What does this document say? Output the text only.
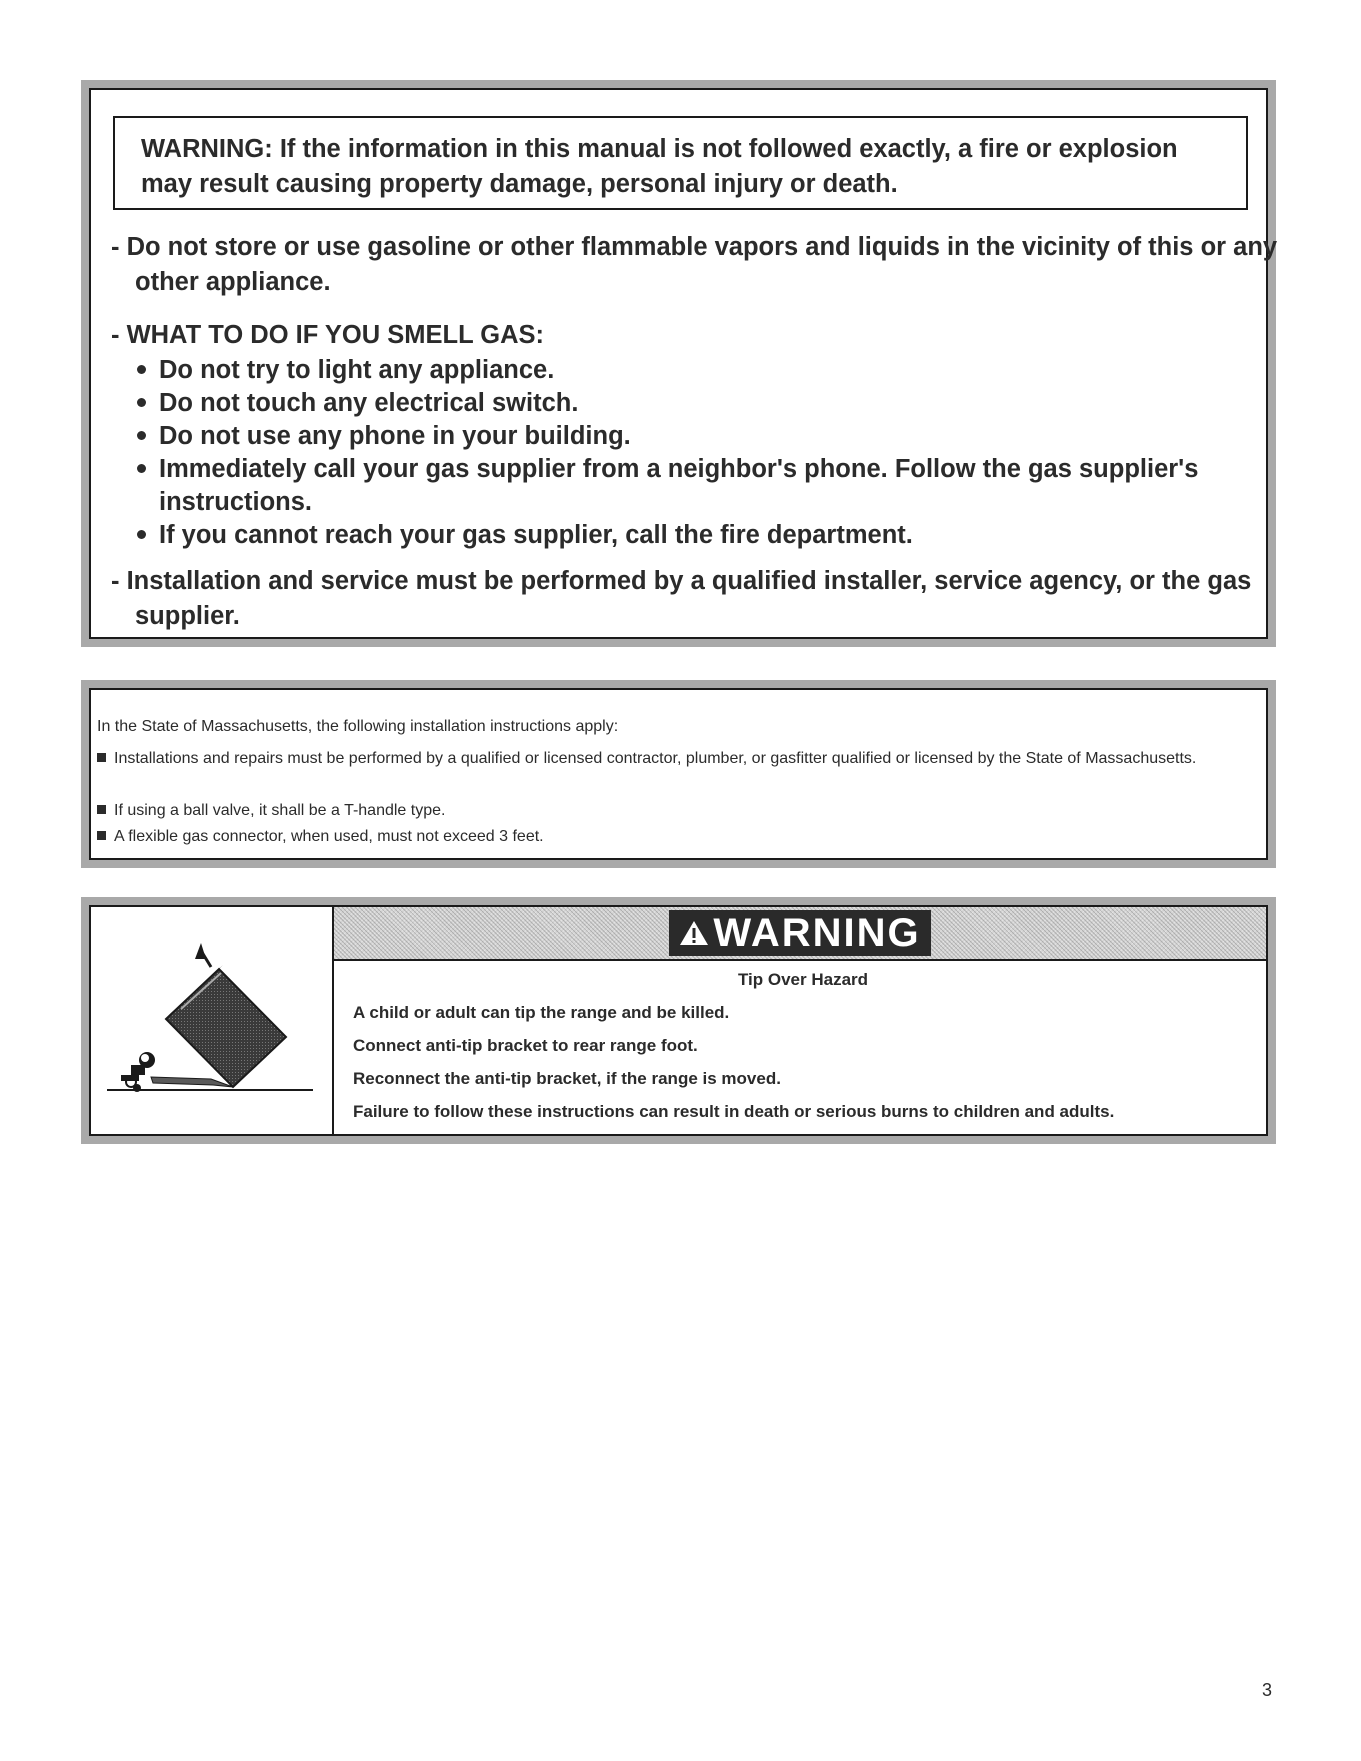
WARNING: If the information in this manual is not followed exactly, a fire or explosion may result causing property damage, personal injury or death.
- Do not store or use gasoline or other flammable vapors and liquids in the vicinity of this or any other appliance.
- WHAT TO DO IF YOU SMELL GAS:
Do not try to light any appliance.
Do not touch any electrical switch.
Do not use any phone in your building.
Immediately call your gas supplier from a neighbor's phone. Follow the gas supplier's instructions.
If you cannot reach your gas supplier, call the fire department.
- Installation and service must be performed by a qualified installer, service agency, or the gas supplier.
In the State of Massachusetts, the following installation instructions apply:
Installations and repairs must be performed by a qualified or licensed contractor, plumber, or gasfitter qualified or licensed by the State of Massachusetts.
If using a ball valve, it shall be a T-handle type.
A flexible gas connector, when used, must not exceed 3 feet.
WARNING
Tip Over Hazard
A child or adult can tip the range and be killed.
Connect anti-tip bracket to rear range foot.
Reconnect the anti-tip bracket, if the range is moved.
Failure to follow these instructions can result in death or serious burns to children and adults.
3
